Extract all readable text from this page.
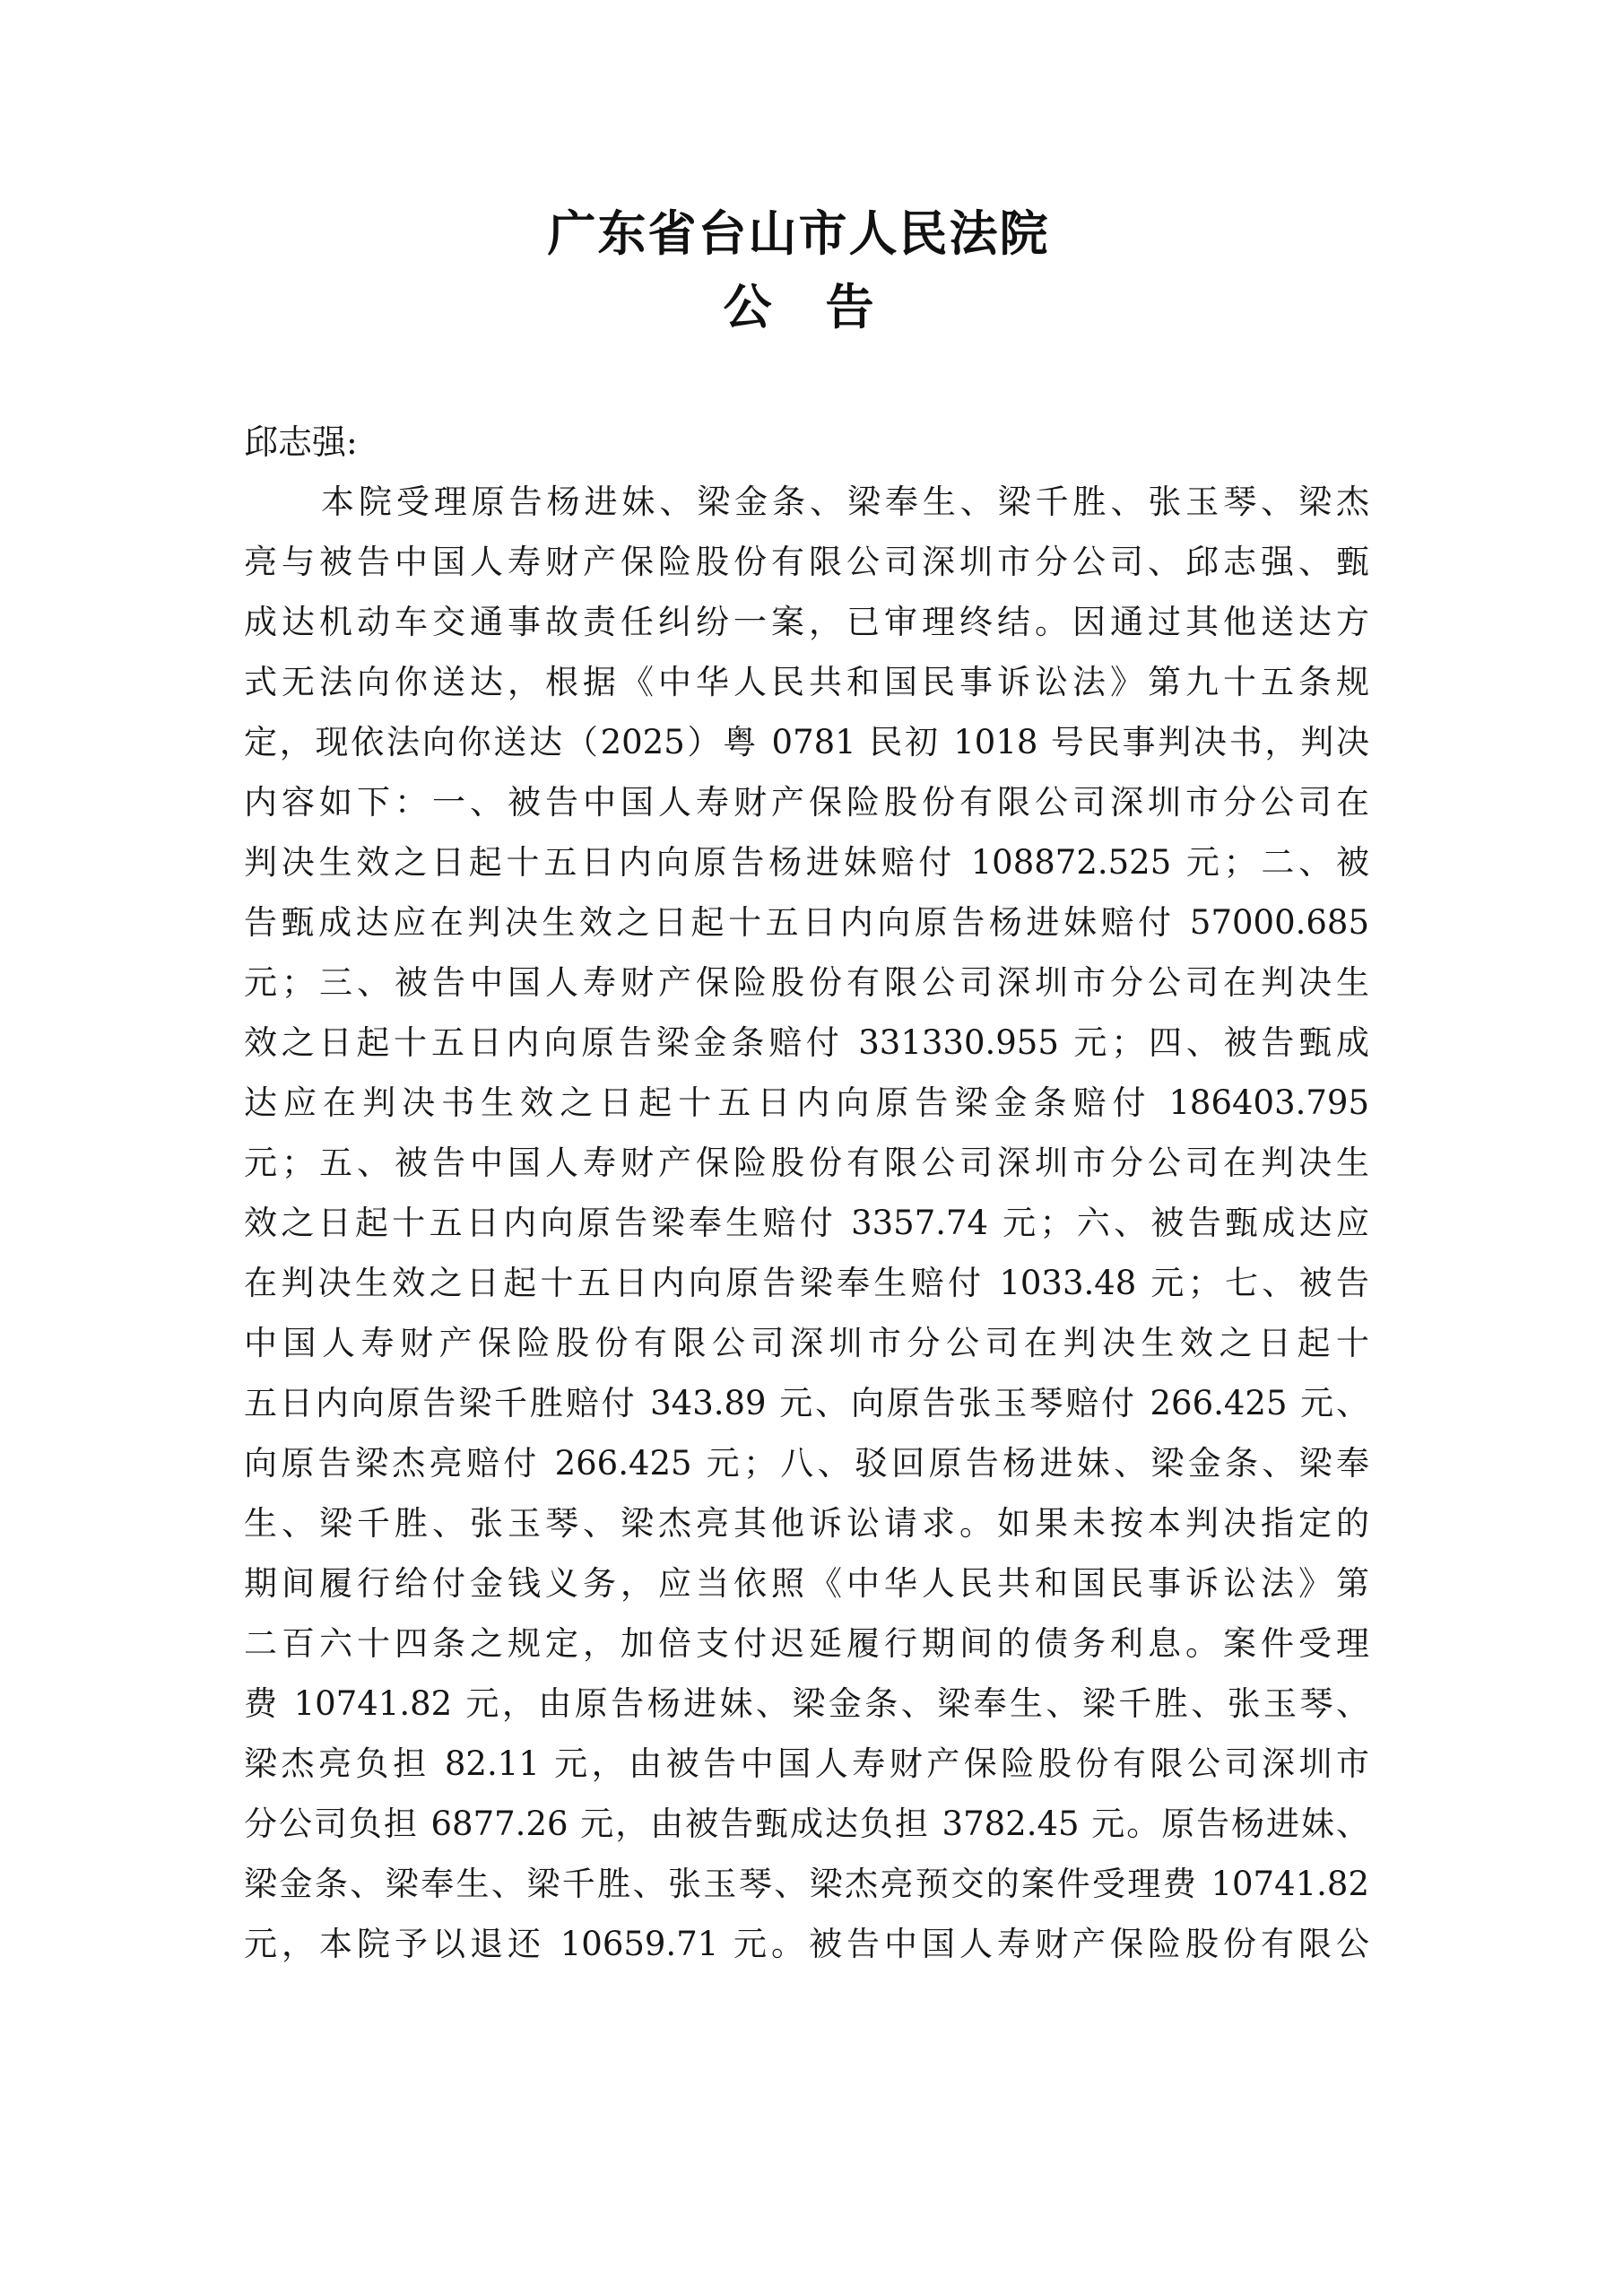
广东省台山市人民法院
公告
邱志强:
本院受理原告杨进妹、梁金条、梁奉生、梁千胜、张玉琴、梁杰
亮与被告中国人寿财产保险股份有限公司深圳市分公司、邱志强、甄
成达机动车交通事故责任纠纷一案，已审理终结。因通过其他送达方
式无法向你送达，根据《中华人民共和国民事诉讼法》第九十五条规
定，现依法向你送达（2025）粤 0781 民初 1018 号民事判决书，判决
内容如下：一、被告中国人寿财产保险股份有限公司深圳市分公司在
判决生效之日起十五日内向原告杨进妹赔付 108872.525 元；二、被
告甄成达应在判决生效之日起十五日内向原告杨进妹赔付 57000.685
元；三、被告中国人寿财产保险股份有限公司深圳市分公司在判决生
效之日起十五日内向原告梁金条赔付 331330.955 元；四、被告甄成
达应在判决书生效之日起十五日内向原告梁金条赔付 186403.795
元；五、被告中国人寿财产保险股份有限公司深圳市分公司在判决生
效之日起十五日内向原告梁奉生赔付 3357.74 元；六、被告甄成达应
在判决生效之日起十五日内向原告梁奉生赔付 1033.48 元；七、被告
中国人寿财产保险股份有限公司深圳市分公司在判决生效之日起十
五日内向原告梁千胜赔付 343.89 元、向原告张玉琴赔付 266.425 元、
向原告梁杰亮赔付 266.425 元；八、驳回原告杨进妹、梁金条、梁奉
生、梁千胜、张玉琴、梁杰亮其他诉讼请求。如果未按本判决指定的
期间履行给付金钱义务，应当依照《中华人民共和国民事诉讼法》第
二百六十四条之规定，加倍支付迟延履行期间的债务利息。案件受理
费 10741.82 元，由原告杨进妹、梁金条、梁奉生、梁千胜、张玉琴、
梁杰亮负担 82.11 元，由被告中国人寿财产保险股份有限公司深圳市
分公司负担 6877.26 元，由被告甄成达负担 3782.45 元。原告杨进妹、
梁金条、梁奉生、梁千胜、张玉琴、梁杰亮预交的案件受理费 10741.82
元，本院予以退还 10659.71 元。被告中国人寿财产保险股份有限公
